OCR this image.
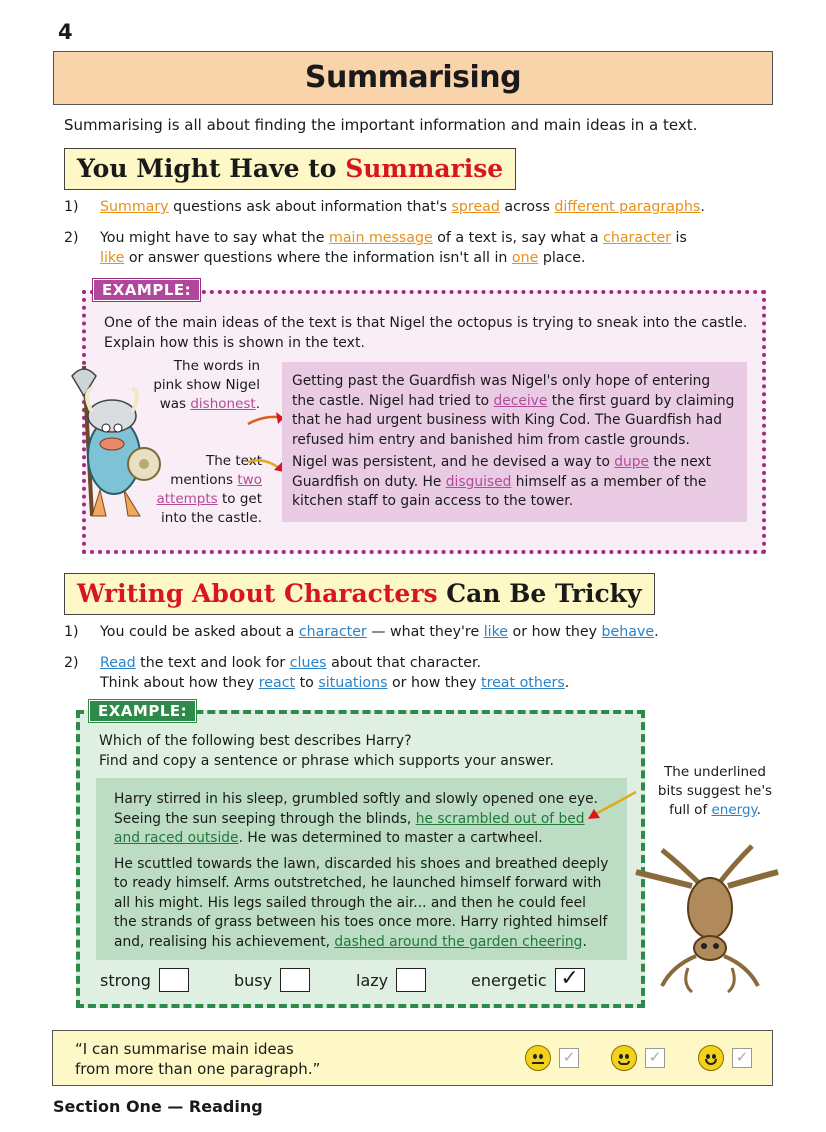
4
Summarising
Summarising is all about finding the important information and main ideas in a text.
You Might Have to Summarise
1) Summary questions ask about information that's spread across different paragraphs.
2) You might have to say what the main message of a text is, say what a character is
like or answer questions where the information isn't all in one place.
EXAMPLE:
One of the main ideas of the text is that Nigel the octopus is trying to sneak into the castle.
Explain how this is shown in the text.
The words in
pink show Nigel
was dishonest.
The text
mentions two
attempts to get
into the castle.

Getting past the Guardfish was Nigel's only hope of entering the castle. Nigel had tried to deceive the first guard by claiming that he had urgent business with King Cod. The Guardfish had refused him entry and banished him from castle grounds.

Nigel was persistent, and he devised a way to dupe the next Guardfish on duty. He disguised himself as a member of the kitchen staff to gain access to the tower.

Writing About Characters Can Be Tricky
1) You could be asked about a character — what they're like or how they behave.
2) Read the text and look for clues about that character.
Think about how they react to situations or how they treat others.
EXAMPLE:
Which of the following best describes Harry?
Find and copy a sentence or phrase which supports your answer.

Harry stirred in his sleep, grumbled softly and slowly opened one eye. Seeing the sun seeping through the blinds, he scrambled out of bed and raced outside. He was determined to master a cartwheel.

He scuttled towards the lawn, discarded his shoes and breathed deeply to ready himself. Arms outstretched, he launched himself forward with all his might. His legs sailed through the air... and then he could feel the strands of grass between his toes once more. Harry righted himself and, realising his achievement, dashed around the garden cheering.

strong	busy	lazy	energetic ✓
The underlined
bits suggest he's
full of energy.
“I can summarise main ideas
from more than one paragraph.”
✓	✓	✓
Section One — Reading
